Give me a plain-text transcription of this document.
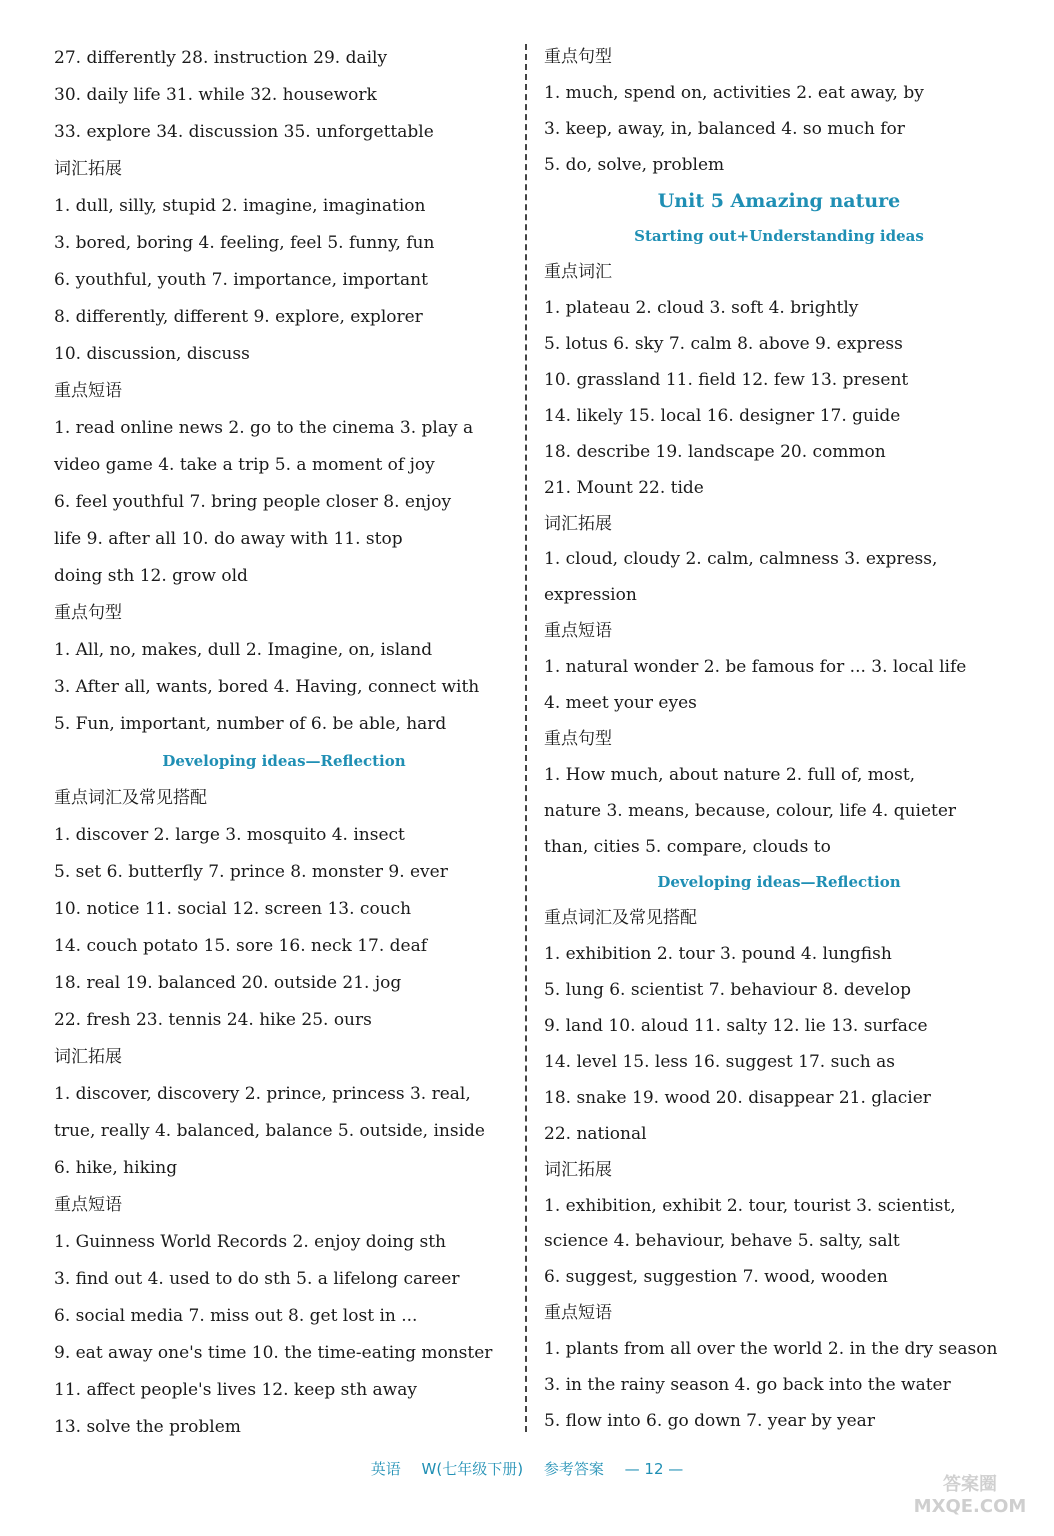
27. differently 28. instruction 29. daily
30. daily life 31. while 32. housework
33. explore 34. discussion 35. unforgettable
词汇拓展
1. dull, silly, stupid 2. imagine, imagination
3. bored, boring 4. feeling, feel 5. funny, fun
6. youthful, youth 7. importance, important
8. differently, different 9. explore, explorer
10. discussion, discuss
重点短语
1. read online news 2. go to the cinema 3. play a
video game 4. take a trip 5. a moment of joy
6. feel youthful 7. bring people closer 8. enjoy
life 9. after all 10. do away with 11. stop
doing sth 12. grow old
重点句型
1. All, no, makes, dull 2. Imagine, on, island
3. After all, wants, bored 4. Having, connect with
5. Fun, important, number of 6. be able, hard
Developing ideas—Reflection
重点词汇及常见搭配
1. discover 2. large 3. mosquito 4. insect
5. set 6. butterfly 7. prince 8. monster 9. ever
10. notice 11. social 12. screen 13. couch
14. couch potato 15. sore 16. neck 17. deaf
18. real 19. balanced 20. outside 21. jog
22. fresh 23. tennis 24. hike 25. ours
词汇拓展
1. discover, discovery 2. prince, princess 3. real,
true, really 4. balanced, balance 5. outside, inside
6. hike, hiking
重点短语
1. Guinness World Records 2. enjoy doing sth
3. find out 4. used to do sth 5. a lifelong career
6. social media 7. miss out 8. get lost in ...
9. eat away one's time 10. the time-eating monster
11. affect people's lives 12. keep sth away
13. solve the problem
重点句型
1. much, spend on, activities 2. eat away, by
3. keep, away, in, balanced 4. so much for
5. do, solve, problem
Unit 5 Amazing nature
Starting out+Understanding ideas
重点词汇
1. plateau 2. cloud 3. soft 4. brightly
5. lotus 6. sky 7. calm 8. above 9. express
10. grassland 11. field 12. few 13. present
14. likely 15. local 16. designer 17. guide
18. describe 19. landscape 20. common
21. Mount 22. tide
词汇拓展
1. cloud, cloudy 2. calm, calmness 3. express,
expression
重点短语
1. natural wonder 2. be famous for ... 3. local life
4. meet your eyes
重点句型
1. How much, about nature 2. full of, most,
nature 3. means, because, colour, life 4. quieter
than, cities 5. compare, clouds to
Developing ideas—Reflection
重点词汇及常见搭配
1. exhibition 2. tour 3. pound 4. lungfish
5. lung 6. scientist 7. behaviour 8. develop
9. land 10. aloud 11. salty 12. lie 13. surface
14. level 15. less 16. suggest 17. such as
18. snake 19. wood 20. disappear 21. glacier
22. national
词汇拓展
1. exhibition, exhibit 2. tour, tourist 3. scientist,
science 4. behaviour, behave 5. salty, salt
6. suggest, suggestion 7. wood, wooden
重点短语
1. plants from all over the world 2. in the dry season
3. in the rainy season 4. go back into the water
5. flow into 6. go down 7. year by year
英语 W(七年级下册) 参考答案 — 12 —
答案圈
MXQE.COM
